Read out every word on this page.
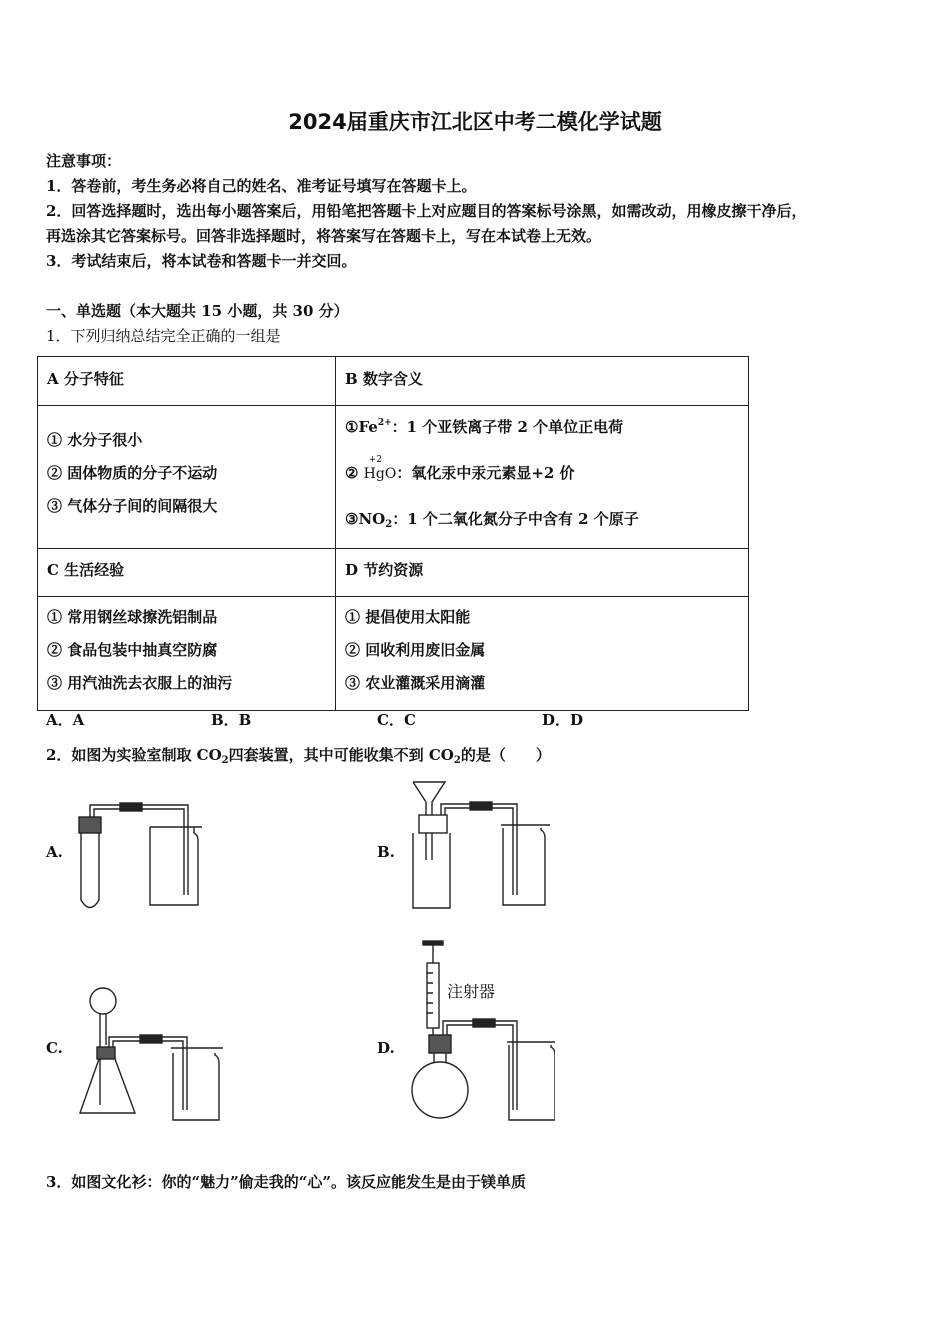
2024届重庆市江北区中考二模化学试题
注意事项：
1．答卷前，考生务必将自己的姓名、准考证号填写在答题卡上。
2．回答选择题时，选出每小题答案后，用铅笔把答题卡上对应题目的答案标号涂黑，如需改动，用橡皮擦干净后，
再选涂其它答案标号。回答非选择题时，将答案写在答题卡上，写在本试卷上无效。
3．考试结束后，将本试卷和答题卡一并交回。
一、单选题（本大题共 15 小题，共 30 分）
1．下列归纳总结完全正确的一组是
A 分子特征	B 数字含义

① 水分子很小
② 固体物质的分子不运动
③ 气体分子间的间隔很大	$①Fe^{2+}$：1 个亚铁离子带 2 个单位正电荷
②
+2
HgO：氧化汞中汞元素显+2 价
$③NO_2$：1 个二氧化氮分子中含有 2 个原子

C 生活经验	D 节约资源

① 常用钢丝球擦洗铝制品
② 食品包装中抽真空防腐
③ 用汽油洗去衣服上的油污	① 提倡使用太阳能
② 回收利用废旧金属
③ 农业灌溉采用滴灌
A．A	B．B	C．C	D．D
2．如图为实验室制取 $CO_2$四套装置，其中可能收集不到 $CO_2$的是（　　）
A.	B.
C.	D.
注射器
3．如图文化衫：你的“魅力”偷走我的“心”。该反应能发生是由于镁单质
